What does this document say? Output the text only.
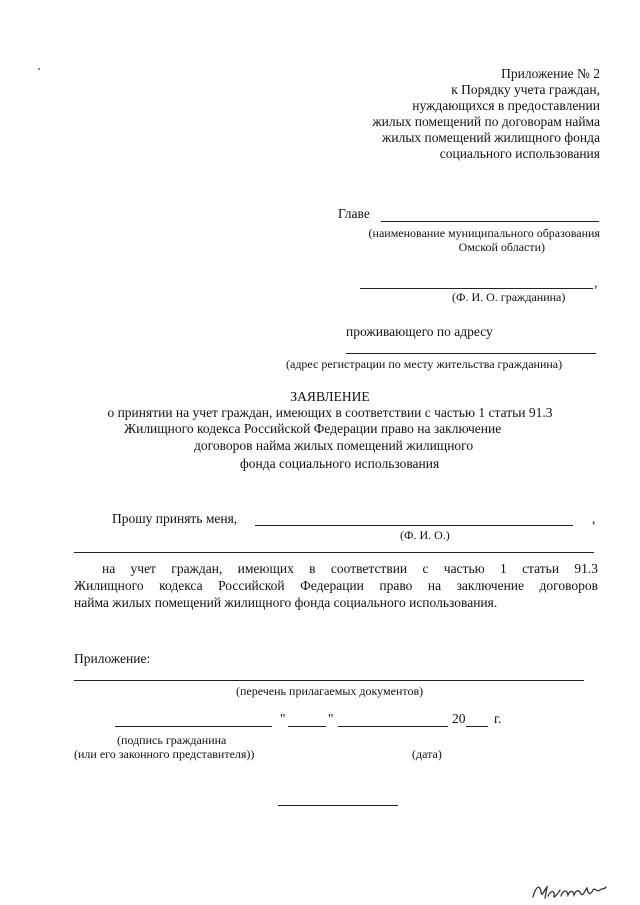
Приложение № 2
к Порядку учета граждан,
нуждающихся в предоставлении
жилых помещений по договорам найма
жилых помещений жилищного фонда
социального использования
Главе
(наименование муниципального образования
Омской области)
,
(Ф. И. О. гражданина)
проживающего по адресу
(адрес регистрации по месту жительства гражданина)
ЗАЯВЛЕНИЕ
о принятии на учет граждан, имеющих в соответствии с частью 1 статьи 91.3
Жилищного кодекса Российской Федерации право на заключение
договоров найма жилых помещений жилищного
фонда социального использования
Прошу принять меня,	,
(Ф. И. О.)
на учет граждан, имеющих в соответствии с частью 1 статьи 91.3
Жилищного кодекса Российской Федерации право на заключение договоров
найма жилых помещений жилищного фонда социального использования.
Приложение:
(перечень прилагаемых документов)
"	"	20 г.
(подпись гражданина
(или его законного представителя))	(дата)
